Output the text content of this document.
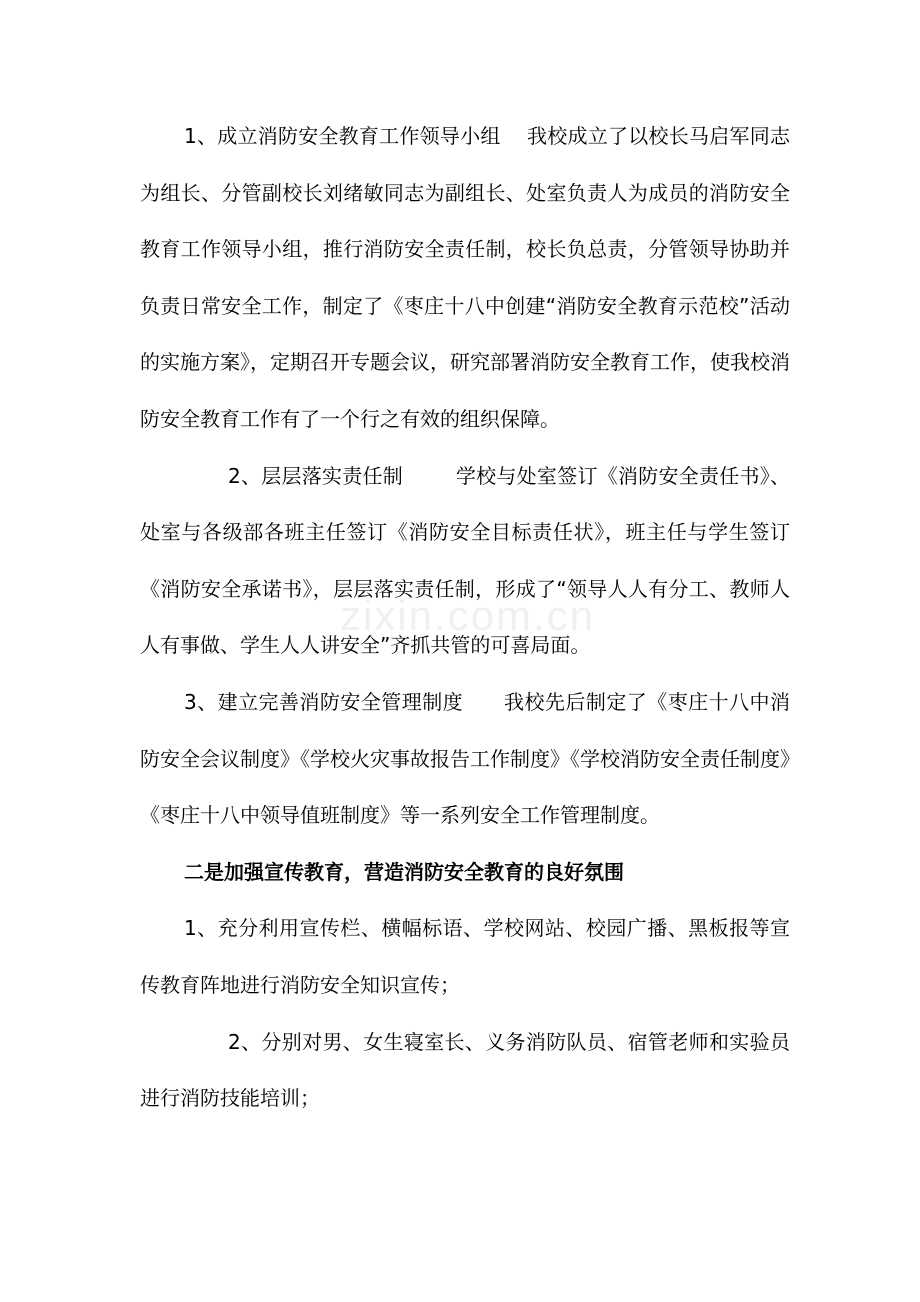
1、成立消防安全教育工作领导小组    我校成立了以校长马启军同志为组长、分管副校长刘绪敏同志为副组长、处室负责人为成员的消防安全教育工作领导小组，推行消防安全责任制，校长负总责，分管领导协助并负责日常安全工作，制定了《枣庄十八中创建“消防安全教育示范校”活动的实施方案》，定期召开专题会议，研究部署消防安全教育工作，使我校消防安全教育工作有了一个行之有效的组织保障。

2、层层落实责任制        学校与处室签订《消防安全责任书》、处室与各级部各班主任签订《消防安全目标责任状》，班主任与学生签订《消防安全承诺书》，层层落实责任制，形成了“领导人人有分工、教师人人有事做、学生人人讲安全”齐抓共管的可喜局面。

3、建立完善消防安全管理制度      我校先后制定了《枣庄十八中消防安全会议制度》《学校火灾事故报告工作制度》《学校消防安全责任制度》《枣庄十八中领导值班制度》等一系列安全工作管理制度。

二是加强宣传教育，营造消防安全教育的良好氛围

1、充分利用宣传栏、横幅标语、学校网站、校园广播、黑板报等宣传教育阵地进行消防安全知识宣传；

2、分别对男、女生寝室长、义务消防队员、宿管老师和实验员进行消防技能培训；

zixin.com.cn
